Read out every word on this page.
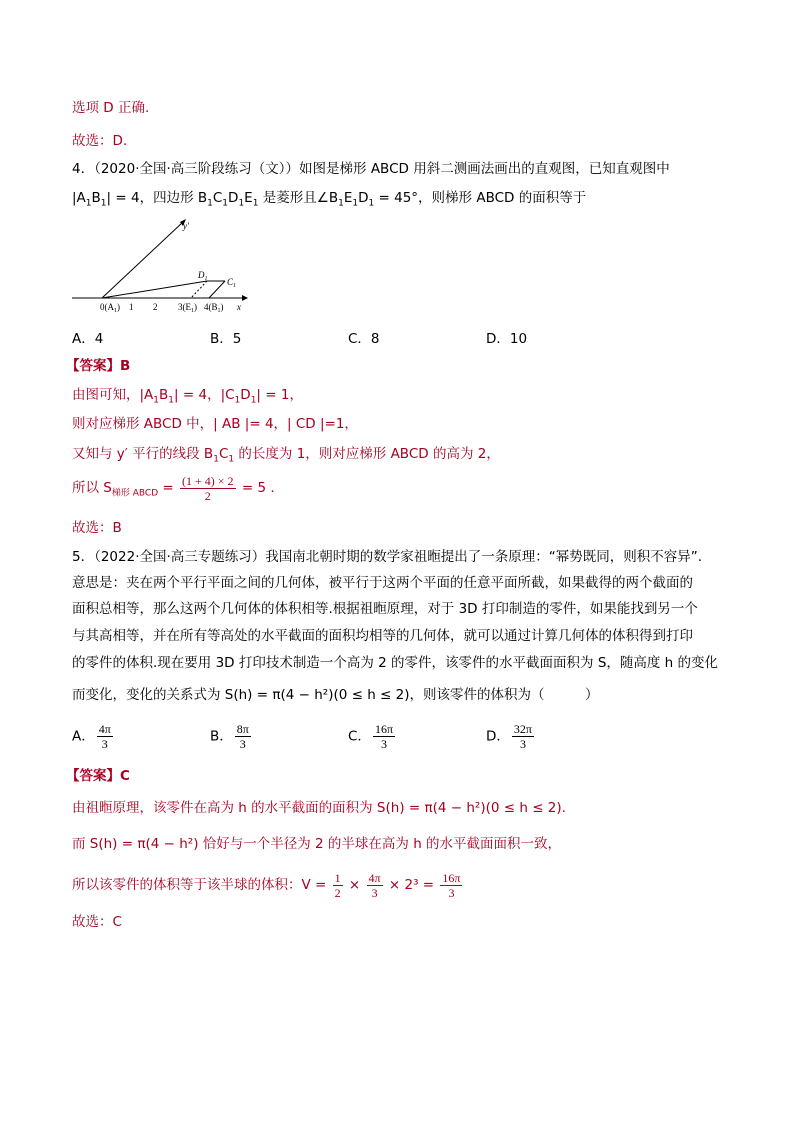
选项 D 正确.
故选：D.
4．（2020·全国·高三阶段练习（文））如图是梯形 ABCD 用斜二测画法画出的直观图，已知直观图中
$|A_1B_1| = 4$，四边形 $B_1C_1D_1E_1$ 是菱形且$\angle B_1E_1D_1 = 45^\circ$，则梯形 ABCD 的面积等于
y′
x
$D_1$ $C_1$
$0(A_1)$ 1 2 $3(E_1)$ $4(B_1)$
A．4	B．5	C．8	D．10
【答案】B
由图可知，$|A_1B_1| = 4$，$|C_1D_1| = 1$，
则对应梯形 ABCD 中，| AB |= 4，| CD |=1，
又知与 y′ 平行的线段 $B_1C_1$ 的长度为 1，则对应梯形 ABCD 的高为 2，
所以 $S_{梯形 ABCD} = \frac{(1 + 4) \times 2}{2} = 5$ .
故选：B
5．（2022·全国·高三专题练习）我国南北朝时期的数学家祖暅提出了一条原理：“幂势既同，则积不容异”.
意思是：夹在两个平行平面之间的几何体，被平行于这两个平面的任意平面所截，如果截得的两个截面的
面积总相等，那么这两个几何体的体积相等.根据祖暅原理，对于 3D 打印制造的零件，如果能找到另一个
与其高相等，并在所有等高处的水平截面的面积均相等的几何体，就可以通过计算几何体的体积得到打印
的零件的体积.现在要用 3D 打印技术制造一个高为 2 的零件，该零件的水平截面面积为 S，随高度 h 的变化
而变化，变化的关系式为 S(h) = π(4 − h²)(0 ≤ h ≤ 2)，则该零件的体积为（　　　）
A． $\frac{4\pi}{3}$	B． $\frac{8\pi}{3}$	C． $\frac{16\pi}{3}$	D． $\frac{32\pi}{3}$
【答案】C
由祖暅原理，该零件在高为 h 的水平截面的面积为 S(h) = π(4 − h²)(0 ≤ h ≤ 2).
而 S(h) = π(4 − h²) 恰好与一个半径为 2 的半球在高为 h 的水平截面面积一致，
所以该零件的体积等于该半球的体积：$V = \frac{1}{2} \times \frac{4\pi}{3} \times 2^3 = \frac{16\pi}{3}$
故选：C
